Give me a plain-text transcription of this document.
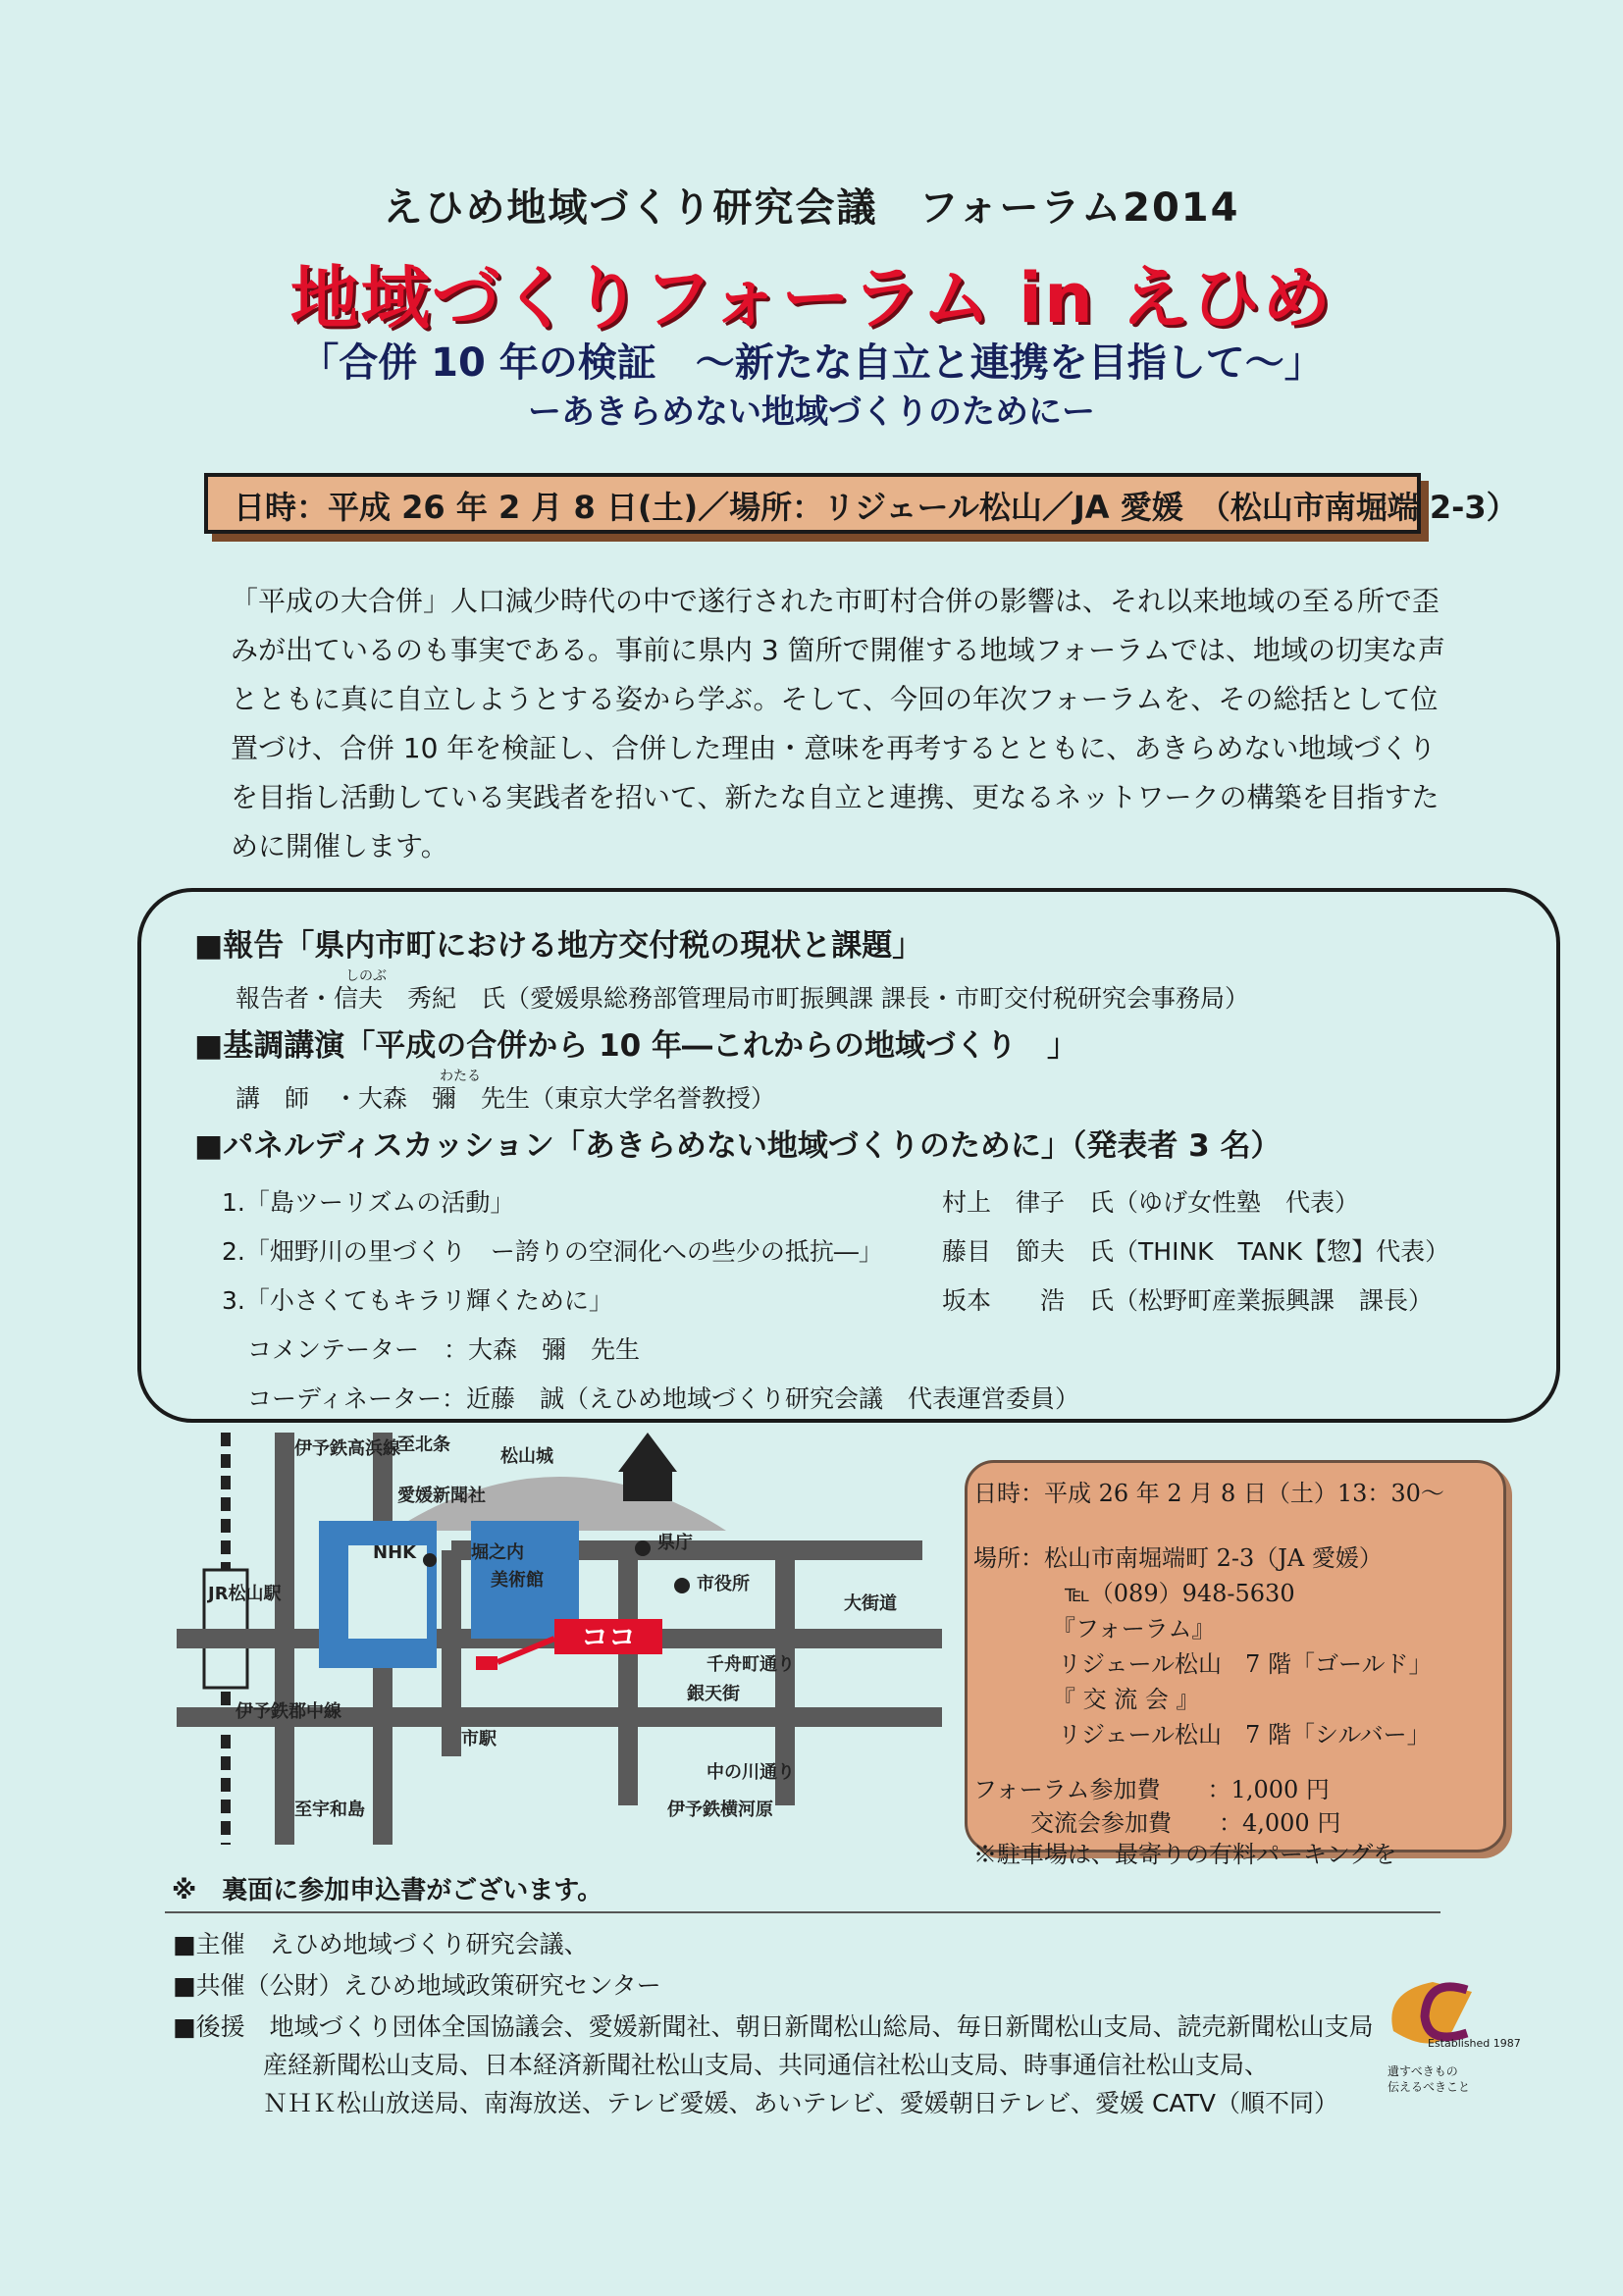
えひめ地域づくり研究会議　フォーラム2014
地域づくりフォーラム in えひめ
「合併 10 年の検証　～新たな自立と連携を目指して～」
ーあきらめない地域づくりのためにー
日時：平成 26 年 2 月 8 日(土)／場所：リジェール松山／JA 愛媛　（松山市南堀端 2-3）
「平成の大合併」人口減少時代の中で遂行された市町村合併の影響は、それ以来地域の至る所で歪
みが出ているのも事実である。事前に県内 3 箇所で開催する地域フォーラムでは、地域の切実な声
とともに真に自立しようとする姿から学ぶ。そして、今回の年次フォーラムを、その総括として位
置づけ、合併 10 年を検証し、合併した理由・意味を再考するとともに、あきらめない地域づくり
を目指し活動している実践者を招いて、新たな自立と連携、更なるネットワークの構築を目指すた
めに開催します。
■報告「県内市町における地方交付税の現状と課題」
しのぶ
報告者・信夫　秀紀　氏（愛媛県総務部管理局市町振興課 課長・市町交付税研究会事務局）
■基調講演「平成の合併から 10 年―これからの地域づくり　」
わたる
講　師　・大森　彌　先生（東京大学名誉教授）
■パネルディスカッション「あきらめない地域づくりのために」（発表者 3 名）
1.「島ツーリズムの活動」	村上　律子　氏（ゆげ女性塾　代表）
2.「畑野川の里づくり　ー誇りの空洞化への些少の抵抗―」 藤目　節夫　氏（THINK　TANK【惣】代表）
3.「小さくてもキラリ輝くために」	坂本　　浩　氏（松野町産業振興課　課長）
コメンテーター　：大森　彌　先生
コーディネーター：近藤　誠（えひめ地域づくり研究会議　代表運営委員）
ココ
JR松山駅
伊予鉄高浜線
至北条
愛媛新聞社
松山城
県庁
堀之内
NHK
美術館	市役所
大街道
千舟町通り
銀天街
伊予鉄郡中線
市駅
中の川通り
至宇和島	伊予鉄横河原
日時：平成 26 年 2 月 8 日（土）13：30～
場所：松山市南堀端町 2-3（JA 愛媛）
℡（089）948-5630
『フォーラム』
リジェール松山　7 階「ゴールド」
『 交 流 会 』
リジェール松山　7 階「シルバー」
フォーラム参加費　　：1,000 円
交流会参加費　　：4,000 円
※駐車場は、最寄りの有料パーキングを
※　裏面に参加申込書がございます。
■主催　えひめ地域づくり研究会議、
■共催（公財）えひめ地域政策研究センター
■後援　地域づくり団体全国協議会、愛媛新聞社、朝日新聞松山総局、毎日新聞松山支局、読売新聞松山支局
産経新聞松山支局、日本経済新聞社松山支局、共同通信社松山支局、時事通信社松山支局、
ＮＨＫ松山放送局、南海放送、テレビ愛媛、あいテレビ、愛媛朝日テレビ、愛媛 CATV（順不同）
Established 1987
遺すべきもの
伝えるべきこと
